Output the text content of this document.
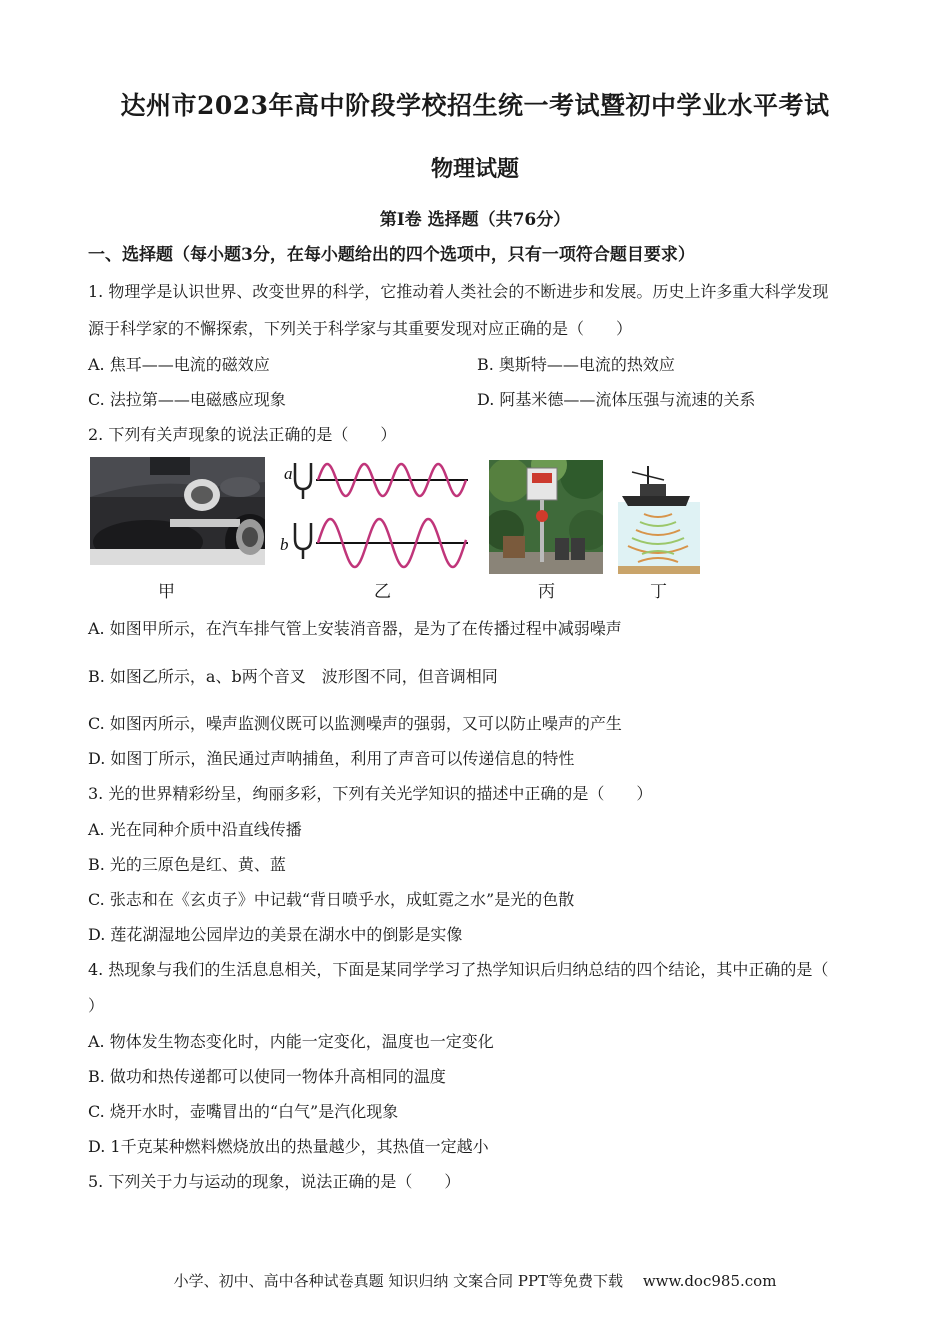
达州市2023年高中阶段学校招生统一考试暨初中学业水平考试
物理试题
第Ⅰ卷 选择题（共76分）
一、选择题（每小题3分，在每小题给出的四个选项中，只有一项符合题目要求）
1. 物理学是认识世界、改变世界的科学，它推动着人类社会的不断进步和发展。历史上许多重大科学发现
源于科学家的不懈探索，下列关于科学家与其重要发现对应正确的是（　　）
A. 焦耳——电流的磁效应	B. 奥斯特——电流的热效应
C. 法拉第——电磁感应现象	D. 阿基米德——流体压强与流速的关系
2. 下列有关声现象的说法正确的是（　　）
a
b
甲	乙	丙	丁
A. 如图甲所示，在汽车排气管上安装消音器，是为了在传播过程中减弱噪声
B. 如图乙所示，a、b两个音叉　波形图不同，但音调相同
C. 如图丙所示，噪声监测仪既可以监测噪声的强弱，又可以防止噪声的产生
D. 如图丁所示，渔民通过声呐捕鱼，利用了声音可以传递信息的特性
3. 光的世界精彩纷呈，绚丽多彩，下列有关光学知识的描述中正确的是（　　）
A. 光在同种介质中沿直线传播
B. 光的三原色是红、黄、蓝
C. 张志和在《玄贞子》中记载“背日喷乎水，成虹霓之水”是光的色散
D. 莲花湖湿地公园岸边的美景在湖水中的倒影是实像
4. 热现象与我们的生活息息相关，下面是某同学学习了热学知识后归纳总结的四个结论，其中正确的是（
）
A. 物体发生物态变化时，内能一定变化，温度也一定变化
B. 做功和热传递都可以使同一物体升高相同的温度
C. 烧开水时，壶嘴冒出的“白气”是汽化现象
D. 1千克某种燃料燃烧放出的热量越少，其热值一定越小
5. 下列关于力与运动的现象，说法正确的是（　　）
小学、初中、高中各种试卷真题 知识归纳 文案合同 PPT等免费下载　 www.doc985.com
